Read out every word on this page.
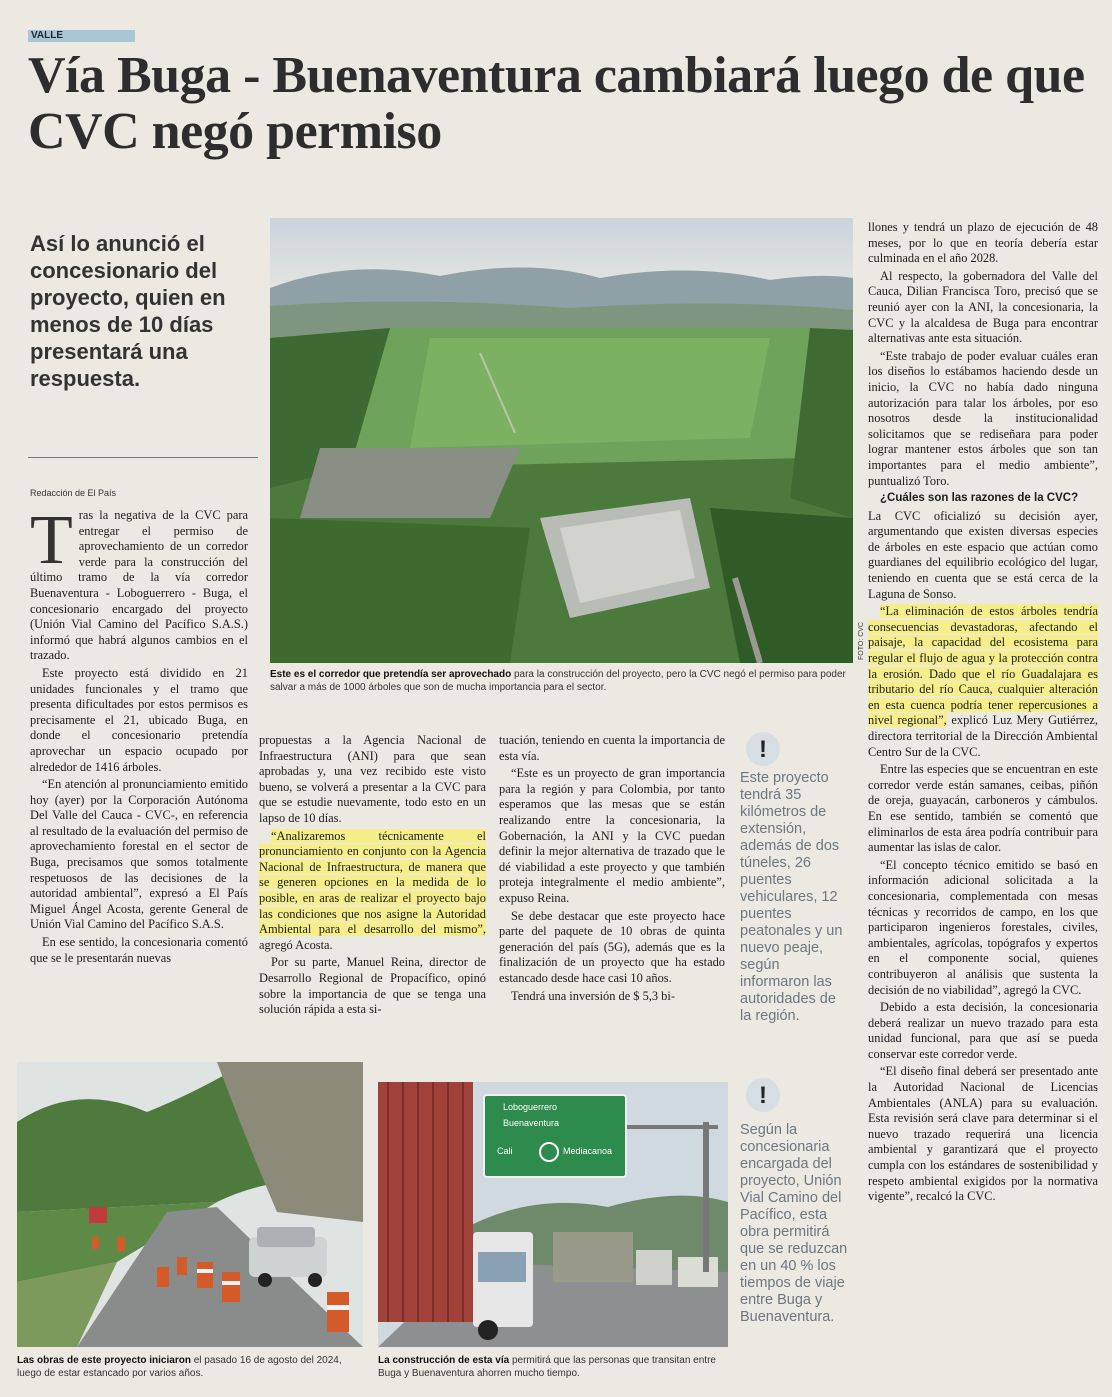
VALLE
Vía Buga - Buenaventura cambiará luego de que CVC negó permiso
Así lo anunció el concesionario del proyecto, quien en menos de 10 días presentará una respuesta.
Redacción de El País
FOTO: CVC
Este es el corredor que pretendía ser aprovechado para la construcción del proyecto, pero la CVC negó el permiso para poder salvar a más de 1000 árboles que son de mucha importancia para el sector.

Tras la negativa de la CVC para entregar el permiso de aprovechamiento de un corredor verde para la construcción del último tramo de la vía corredor Buenaventura - Loboguerrero - Buga, el concesionario encargado del proyecto (Unión Vial Camino del Pacífico S.A.S.) informó que habrá algunos cambios en el trazado.

Este proyecto está dividido en 21 unidades funcionales y el tramo que presenta dificultades por estos permisos es precisamente el 21, ubicado Buga, en donde el concesionario pretendía aprovechar un espacio ocupado por alrededor de 1416 árboles.

“En atención al pronunciamiento emitido hoy (ayer) por la Corporación Autónoma Del Valle del Cauca - CVC-, en referencia al resultado de la evaluación del permiso de aprovechamiento forestal en el sector de Buga, precisamos que somos totalmente respetuosos de las decisiones de la autoridad ambiental”, expresó a El País Miguel Ángel Acosta, gerente General de Unión Vial Camino del Pacífico S.A.S.

En ese sentido, la concesionaria comentó que se le presentarán nuevas

propuestas a la Agencia Nacional de Infraestructura (ANI) para que sean aprobadas y, una vez recibido este visto bueno, se volverá a presentar a la CVC para que se estudie nuevamente, todo esto en un lapso de 10 días.

“Analizaremos técnicamente el pronunciamiento en conjunto con la Agencia Nacional de Infraestructura, de manera que se generen opciones en la medida de lo posible, en aras de realizar el proyecto bajo las condiciones que nos asigne la Autoridad Ambiental para el desarrollo del mismo”, agregó Acosta.

Por su parte, Manuel Reina, director de Desarrollo Regional de Propacífico, opinó sobre la importancia de que se tenga una solución rápida a esta si-

tuación, teniendo en cuenta la importancia de esta vía.

“Este es un proyecto de gran importancia para la región y para Colombia, por tanto esperamos que las mesas que se están realizando entre la concesionaria, la Gobernación, la ANI y la CVC puedan definir la mejor alternativa de trazado que le dé viabilidad a este proyecto y que también proteja integralmente el medio ambiente”, expuso Reina.

Se debe destacar que este proyecto hace parte del paquete de 10 obras de quinta generación del país (5G), además que es la finalización de un proyecto que ha estado estancado desde hace casi 10 años.

Tendrá una inversión de $ 5,3 bi-

!
Este proyecto tendrá 35 kilómetros de extensión, además de dos túneles, 26 puentes vehiculares, 12 puentes peatonales y un nuevo peaje, según informaron las autoridades de la región.

llones y tendrá un plazo de ejecución de 48 meses, por lo que en teoría debería estar culminada en el año 2028.

Al respecto, la gobernadora del Valle del Cauca, Dilian Francisca Toro, precisó que se reunió ayer con la ANI, la concesionaria, la CVC y la alcaldesa de Buga para encontrar alternativas ante esta situación.

“Este trabajo de poder evaluar cuáles eran los diseños lo estábamos haciendo desde un inicio, la CVC no había dado ninguna autorización para talar los árboles, por eso nosotros desde la institucionalidad solicitamos que se rediseñara para poder lograr mantener estos árboles que son tan importantes para el medio ambiente”, puntualizó Toro.

¿Cuáles son las razones de la CVC?

La CVC oficializó su decisión ayer, argumentando que existen diversas especies de árboles en este espacio que actúan como guardianes del equilibrio ecológico del lugar, teniendo en cuenta que se está cerca de la Laguna de Sonso.

“La eliminación de estos árboles tendría consecuencias devastadoras, afectando el paisaje, la capacidad del ecosistema para regular el flujo de agua y la protección contra la erosión. Dado que el río Guadalajara es tributario del río Cauca, cualquier alteración en esta cuenca podría tener repercusiones a nivel regional”, explicó Luz Mery Gutiérrez, directora territorial de la Dirección Ambiental Centro Sur de la CVC.

Entre las especies que se encuentran en este corredor verde están samanes, ceibas, piñón de oreja, guayacán, carboneros y cámbulos. En ese sentido, también se comentó que eliminarlos de esta área podría contribuir para aumentar las islas de calor.

“El concepto técnico emitido se basó en información adicional solicitada a la concesionaria, complementada con mesas técnicas y recorridos de campo, en los que participaron ingenieros forestales, civiles, ambientales, agrícolas, topógrafos y expertos en el componente social, quienes contribuyeron al análisis que sustenta la decisión de no viabilidad”, agregó la CVC.

Debido a esta decisión, la concesionaria deberá realizar un nuevo trazado para esta unidad funcional, para que así se pueda conservar este corredor verde.

“El diseño final deberá ser presentado ante la Autoridad Nacional de Licencias Ambientales (ANLA) para su evaluación. Esta revisión será clave para determinar si el nuevo trazado requerirá una licencia ambiental y garantizará que el proyecto cumpla con los estándares de sostenibilidad y respeto ambiental exigidos por la normativa vigente”, recalcó la CVC.

Las obras de este proyecto iniciaron el pasado 16 de agosto del 2024, luego de estar estancado por varios años.
Loboguerrero
Buenaventura
Cali	Mediacanoa
La construcción de esta vía permitirá que las personas que transitan entre Buga y Buenaventura ahorren mucho tiempo.
!
Según la concesionaria encargada del proyecto, Unión Vial Camino del Pacífico, esta obra permitirá que se reduzcan en un 40 % los tiempos de viaje entre Buga y Buenaventura.
